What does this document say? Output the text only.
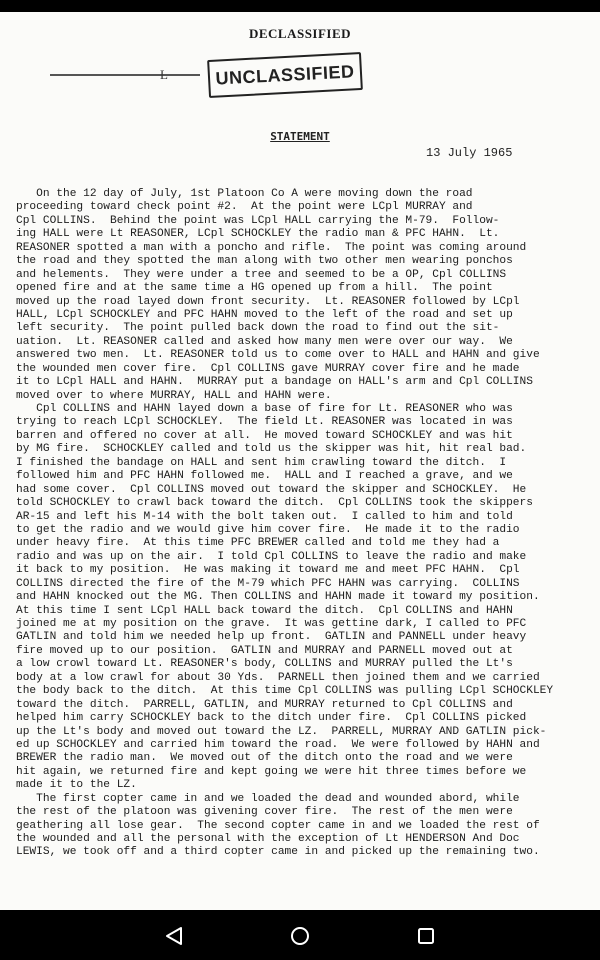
DECLASSIFIED
L	UNCLASSIFIED
STATEMENT
13 July 1965
On the 12 day of July, 1st Platoon Co A were moving down the road
proceeding toward check point #2.  At the point were LCpl MURRAY and
Cpl COLLINS.  Behind the point was LCpl HALL carrying the M-79.  Follow-
ing HALL were Lt REASONER, LCpl SCHOCKLEY the radio man & PFC HAHN.  Lt.
REASONER spotted a man with a poncho and rifle.  The point was coming around
the road and they spotted the man along with two other men wearing ponchos
and helements.  They were under a tree and seemed to be a OP, Cpl COLLINS
opened fire and at the same time a HG opened up from a hill.  The point
moved up the road layed down front security.  Lt. REASONER followed by LCpl
HALL, LCpl SCHOCKLEY and PFC HAHN moved to the left of the road and set up
left security.  The point pulled back down the road to find out the sit-
uation.  Lt. REASONER called and asked how many men were over our way.  We
answered two men.  Lt. REASONER told us to come over to HALL and HAHN and give
the wounded men cover fire.  Cpl COLLINS gave MURRAY cover fire and he made
it to LCpl HALL and HAHN.  MURRAY put a bandage on HALL's arm and Cpl COLLINS
moved over to where MURRAY, HALL and HAHN were.
Cpl COLLINS and HAHN layed down a base of fire for Lt. REASONER who was
trying to reach LCpl SCHOCKLEY.  The field Lt. REASONER was located in was
barren and offered no cover at all.  He moved toward SCHOCKLEY and was hit
by MG fire.  SCHOCKLEY called and told us the skipper was hit, hit real bad.
I finished the bandage on HALL and sent him crawling toward the ditch.  I
followed him and PFC HAHN followed me.  HALL and I reached a grave, and we
had some cover.  Cpl COLLINS moved out toward the skipper and SCHOCKLEY.  He
told SCHOCKLEY to crawl back toward the ditch.  Cpl COLLINS took the skippers
AR-15 and left his M-14 with the bolt taken out.  I called to him and told
to get the radio and we would give him cover fire.  He made it to the radio
under heavy fire.  At this time PFC BREWER called and told me they had a
radio and was up on the air.  I told Cpl COLLINS to leave the radio and make
it back to my position.  He was making it toward me and meet PFC HAHN.  Cpl
COLLINS directed the fire of the M-79 which PFC HAHN was carrying.  COLLINS
and HAHN knocked out the MG. Then COLLINS and HAHN made it toward my position.
At this time I sent LCpl HALL back toward the ditch.  Cpl COLLINS and HAHN
joined me at my position on the grave.  It was gettine dark, I called to PFC
GATLIN and told him we needed help up front.  GATLIN and PANNELL under heavy
fire moved up to our position.  GATLIN and MURRAY and PARNELL moved out at
a low crowl toward Lt. REASONER's body, COLLINS and MURRAY pulled the Lt's
body at a low crawl for about 30 Yds.  PARNELL then joined them and we carried
the body back to the ditch.  At this time Cpl COLLINS was pulling LCpl SCHOCKLEY
toward the ditch.  PARRELL, GATLIN, and MURRAY returned to Cpl COLLINS and
helped him carry SCHOCKLEY back to the ditch under fire.  Cpl COLLINS picked
up the Lt's body and moved out toward the LZ.  PARRELL, MURRAY AND GATLIN pick-
ed up SCHOCKLEY and carried him toward the road.  We were followed by HAHN and
BREWER the radio man.  We moved out of the ditch onto the road and we were
hit again, we returned fire and kept going we were hit three times before we
made it to the LZ.
The first copter came in and we loaded the dead and wounded abord, while
the rest of the platoon was givening cover fire.  The rest of the men were
geathering all lose gear.  The second copter came in and we loaded the rest of
the wounded and all the personal with the exception of Lt HENDERSON And Doc
LEWIS, we took off and a third copter came in and picked up the remaining two.
